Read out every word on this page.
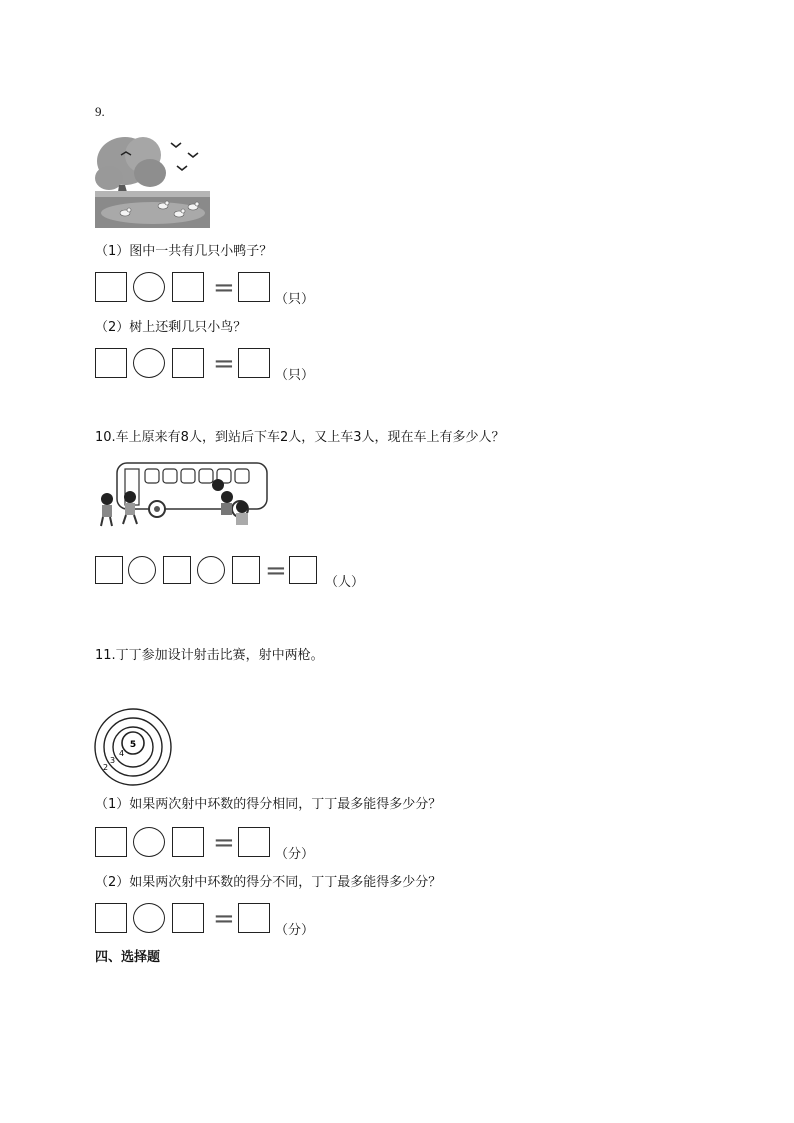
9.
（1）图中一共有几只小鸭子？
=	（只）
（2）树上还剩几只小鸟？
=	（只）
10.车上原来有8人，到站后下车2人，又上车3人，现在车上有多少人？
=	（人）
11.丁丁参加设计射击比赛，射中两枪。
5
4
3
2
（1）如果两次射中环数的得分相同，丁丁最多能得多少分？
=	（分）
（2）如果两次射中环数的得分不同，丁丁最多能得多少分？
=	（分）
四、选择题
